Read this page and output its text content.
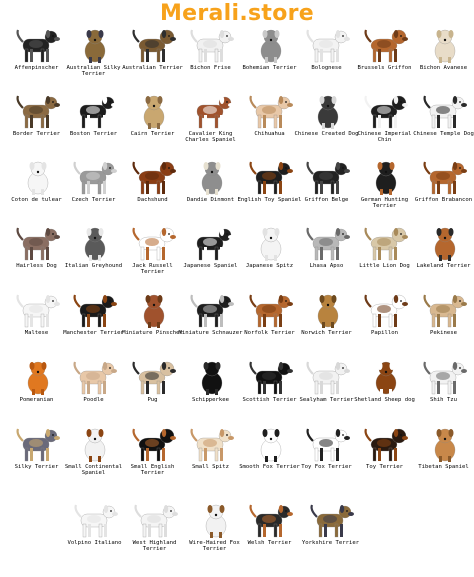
Merali.store
Affenpinscher	Australian Silky Terrier
Australian Terrier	Bichon Frise	Bohemian Terrier	Bolognese	Brussels Griffon	Bichon Avanese
Border Terrier	Boston Terrier	Cairn Terrier	Cavalier King Charles Spaniel
Chihuahua	Chinese Created Dog Chinese Imperial Chin
Chinese Temple Dog
Coton de tulear	Czech Terrier	Dachshund	Dandie Dinmont English Toy Spaniel Griffon Belge	German Hunting Terrier
Griffon Brabancon
Hairless Dog	Italian Greyhound	Jack Russell Terrier
Japanese Spaniel	Japanese Spitz	Lhasa Apso	Little Lion Dog	Lakeland Terrier
Maltese	Manchester Terrier
Miniature Pinscher
Miniature Schnauzer Norfolk Terrier	Norwich Terrier	Papillon	Pekinese
Pomeranian	Poodle	Pug	Schipperkee	Scottish Terrier Sealyham Terrier Shetland Sheep dog	Shih Tzu
Silky Terrier	Small Continental Spaniel
Small English Terrier
Small Spitz	Smooth Fox Terrier Toy Fox Terrier	Toy Terrier	Tibetan Spaniel
Volpino Italiano	West Highland Terrier
Wire-Haired Fox Terrier
Welsh Terrier	Yorkshire Terrier
